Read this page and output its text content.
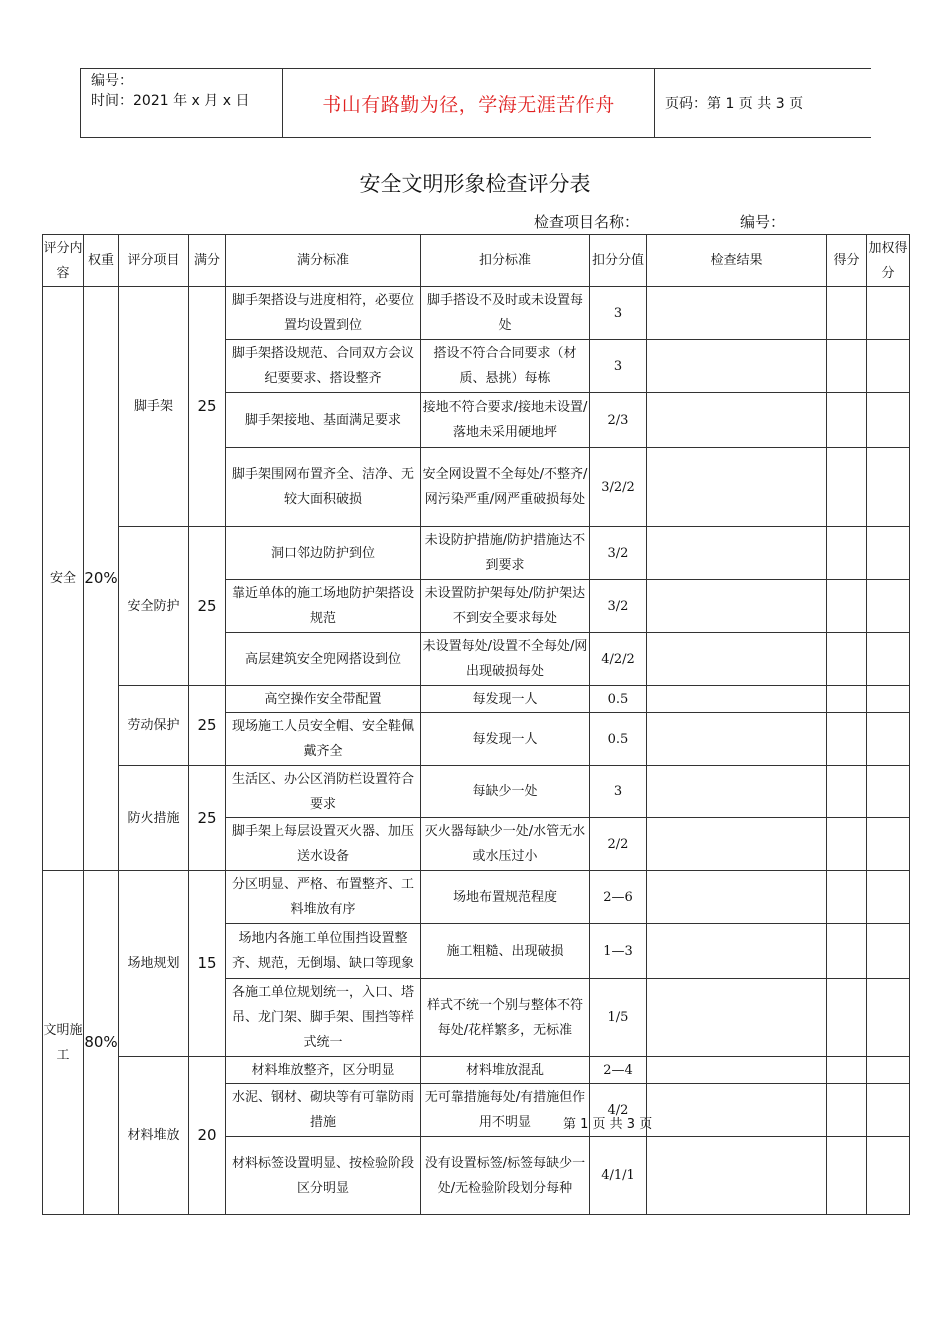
编号：
时间：2021 年 x 月 x 日	书山有路勤为径，学海无涯苦作舟	页码：第 1 页 共 3 页
安全文明形象检查评分表
检查项目名称：	编号：
评分内容	权重	评分项目	满分	满分标准	扣分标准	扣分分值	检查结果	得分	加权得分
安全	20%	脚手架	25	脚手架搭设与进度相符，必要位置均设置到位	脚手搭设不及时或未设置每处	3			
				脚手架搭设规范、合同双方会议纪要要求、搭设整齐	搭设不符合合同要求（材质、悬挑）每栋	3			
				脚手架接地、基面满足要求	接地不符合要求/接地未设置/落地未采用硬地坪	2/3			
				脚手架围网布置齐全、洁净、无较大面积破损	安全网设置不全每处/不整齐/网污染严重/网严重破损每处	3/2/2			
		安全防护	25	洞口邻边防护到位	未设防护措施/防护措施达不到要求	3/2			
				靠近单体的施工场地防护架搭设规范	未设置防护架每处/防护架达不到安全要求每处	3/2			
				高层建筑安全兜网搭设到位	未设置每处/设置不全每处/网出现破损每处	4/2/2			
		劳动保护	25	高空操作安全带配置	每发现一人	0.5			
				现场施工人员安全帽、安全鞋佩戴齐全	每发现一人	0.5			
		防火措施	25	生活区、办公区消防栏设置符合要求	每缺少一处	3			
				脚手架上每层设置灭火器、加压送水设备	灭火器每缺少一处/水管无水或水压过小	2/2			
文明施工	80%	场地规划	15	分区明显、严格、布置整齐、工料堆放有序	场地布置规范程度	2—6			
				场地内各施工单位围挡设置整齐、规范，无倒塌、缺口等现象	施工粗糙、出现破损	1—3			
				各施工单位规划统一，入口、塔吊、龙门架、脚手架、围挡等样式统一	样式不统一个别与整体不符每处/花样繁多，无标准	1/5			
		材料堆放	20	材料堆放整齐，区分明显	材料堆放混乱	2—4			
				水泥、钢材、砌块等有可靠防雨措施	无可靠措施每处/有措施但作用不明显	4/2			
				材料标签设置明显、按检验阶段区分明显	没有设置标签/标签每缺少一处/无检验阶段划分每种	4/1/1			
第 1 页 共 3 页
